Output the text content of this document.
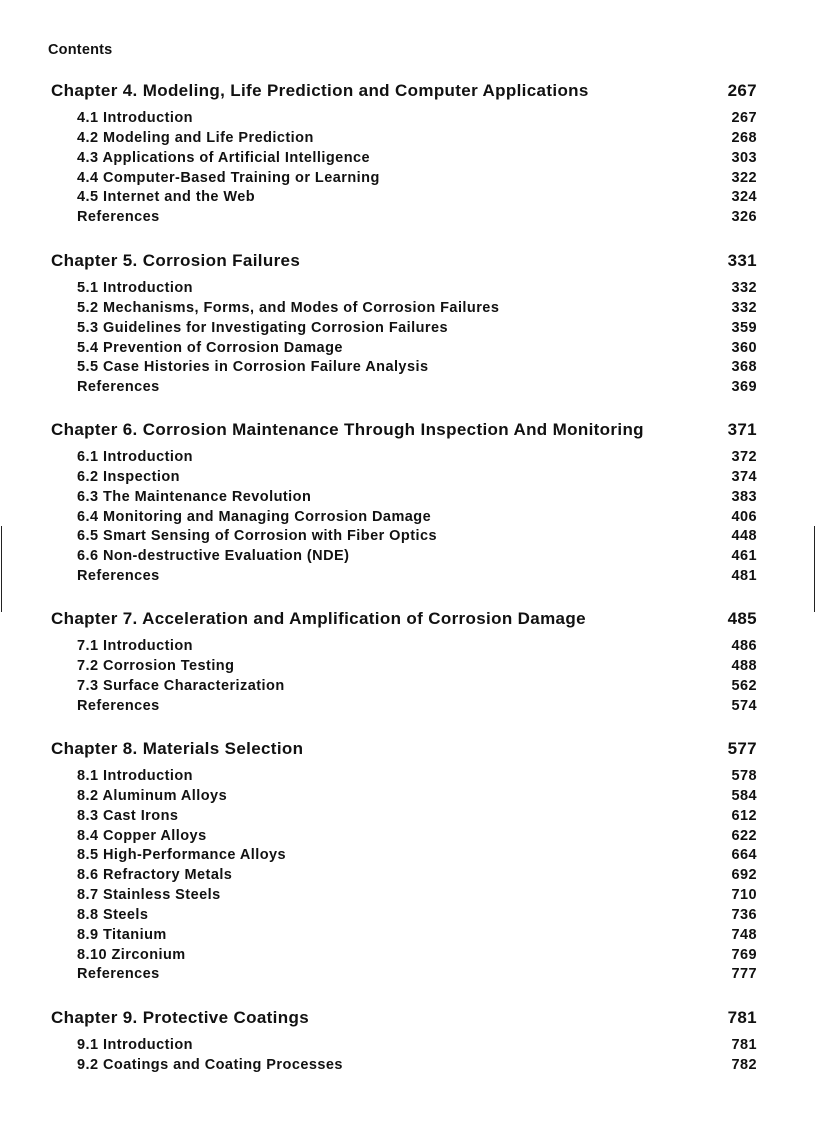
Contents
Chapter 4. Modeling, Life Prediction and Computer Applications	267
4.1 Introduction	267
4.2 Modeling and Life Prediction	268
4.3 Applications of Artificial Intelligence	303
4.4 Computer-Based Training or Learning	322
4.5 Internet and the Web	324
References	326
Chapter 5. Corrosion Failures	331
5.1 Introduction	332
5.2 Mechanisms, Forms, and Modes of Corrosion Failures	332
5.3 Guidelines for Investigating Corrosion Failures	359
5.4 Prevention of Corrosion Damage	360
5.5 Case Histories in Corrosion Failure Analysis	368
References	369
Chapter 6. Corrosion Maintenance Through Inspection And Monitoring	371
6.1 Introduction	372
6.2 Inspection	374
6.3 The Maintenance Revolution	383
6.4 Monitoring and Managing Corrosion Damage	406
6.5 Smart Sensing of Corrosion with Fiber Optics	448
6.6 Non-destructive Evaluation (NDE)	461
References	481
Chapter 7. Acceleration and Amplification of Corrosion Damage	485
7.1 Introduction	486
7.2 Corrosion Testing	488
7.3 Surface Characterization	562
References	574
Chapter 8. Materials Selection	577
8.1 Introduction	578
8.2 Aluminum Alloys	584
8.3 Cast Irons	612
8.4 Copper Alloys	622
8.5 High-Performance Alloys	664
8.6 Refractory Metals	692
8.7 Stainless Steels	710
8.8 Steels	736
8.9 Titanium	748
8.10 Zirconium	769
References	777
Chapter 9. Protective Coatings	781
9.1 Introduction	781
9.2 Coatings and Coating Processes	782
